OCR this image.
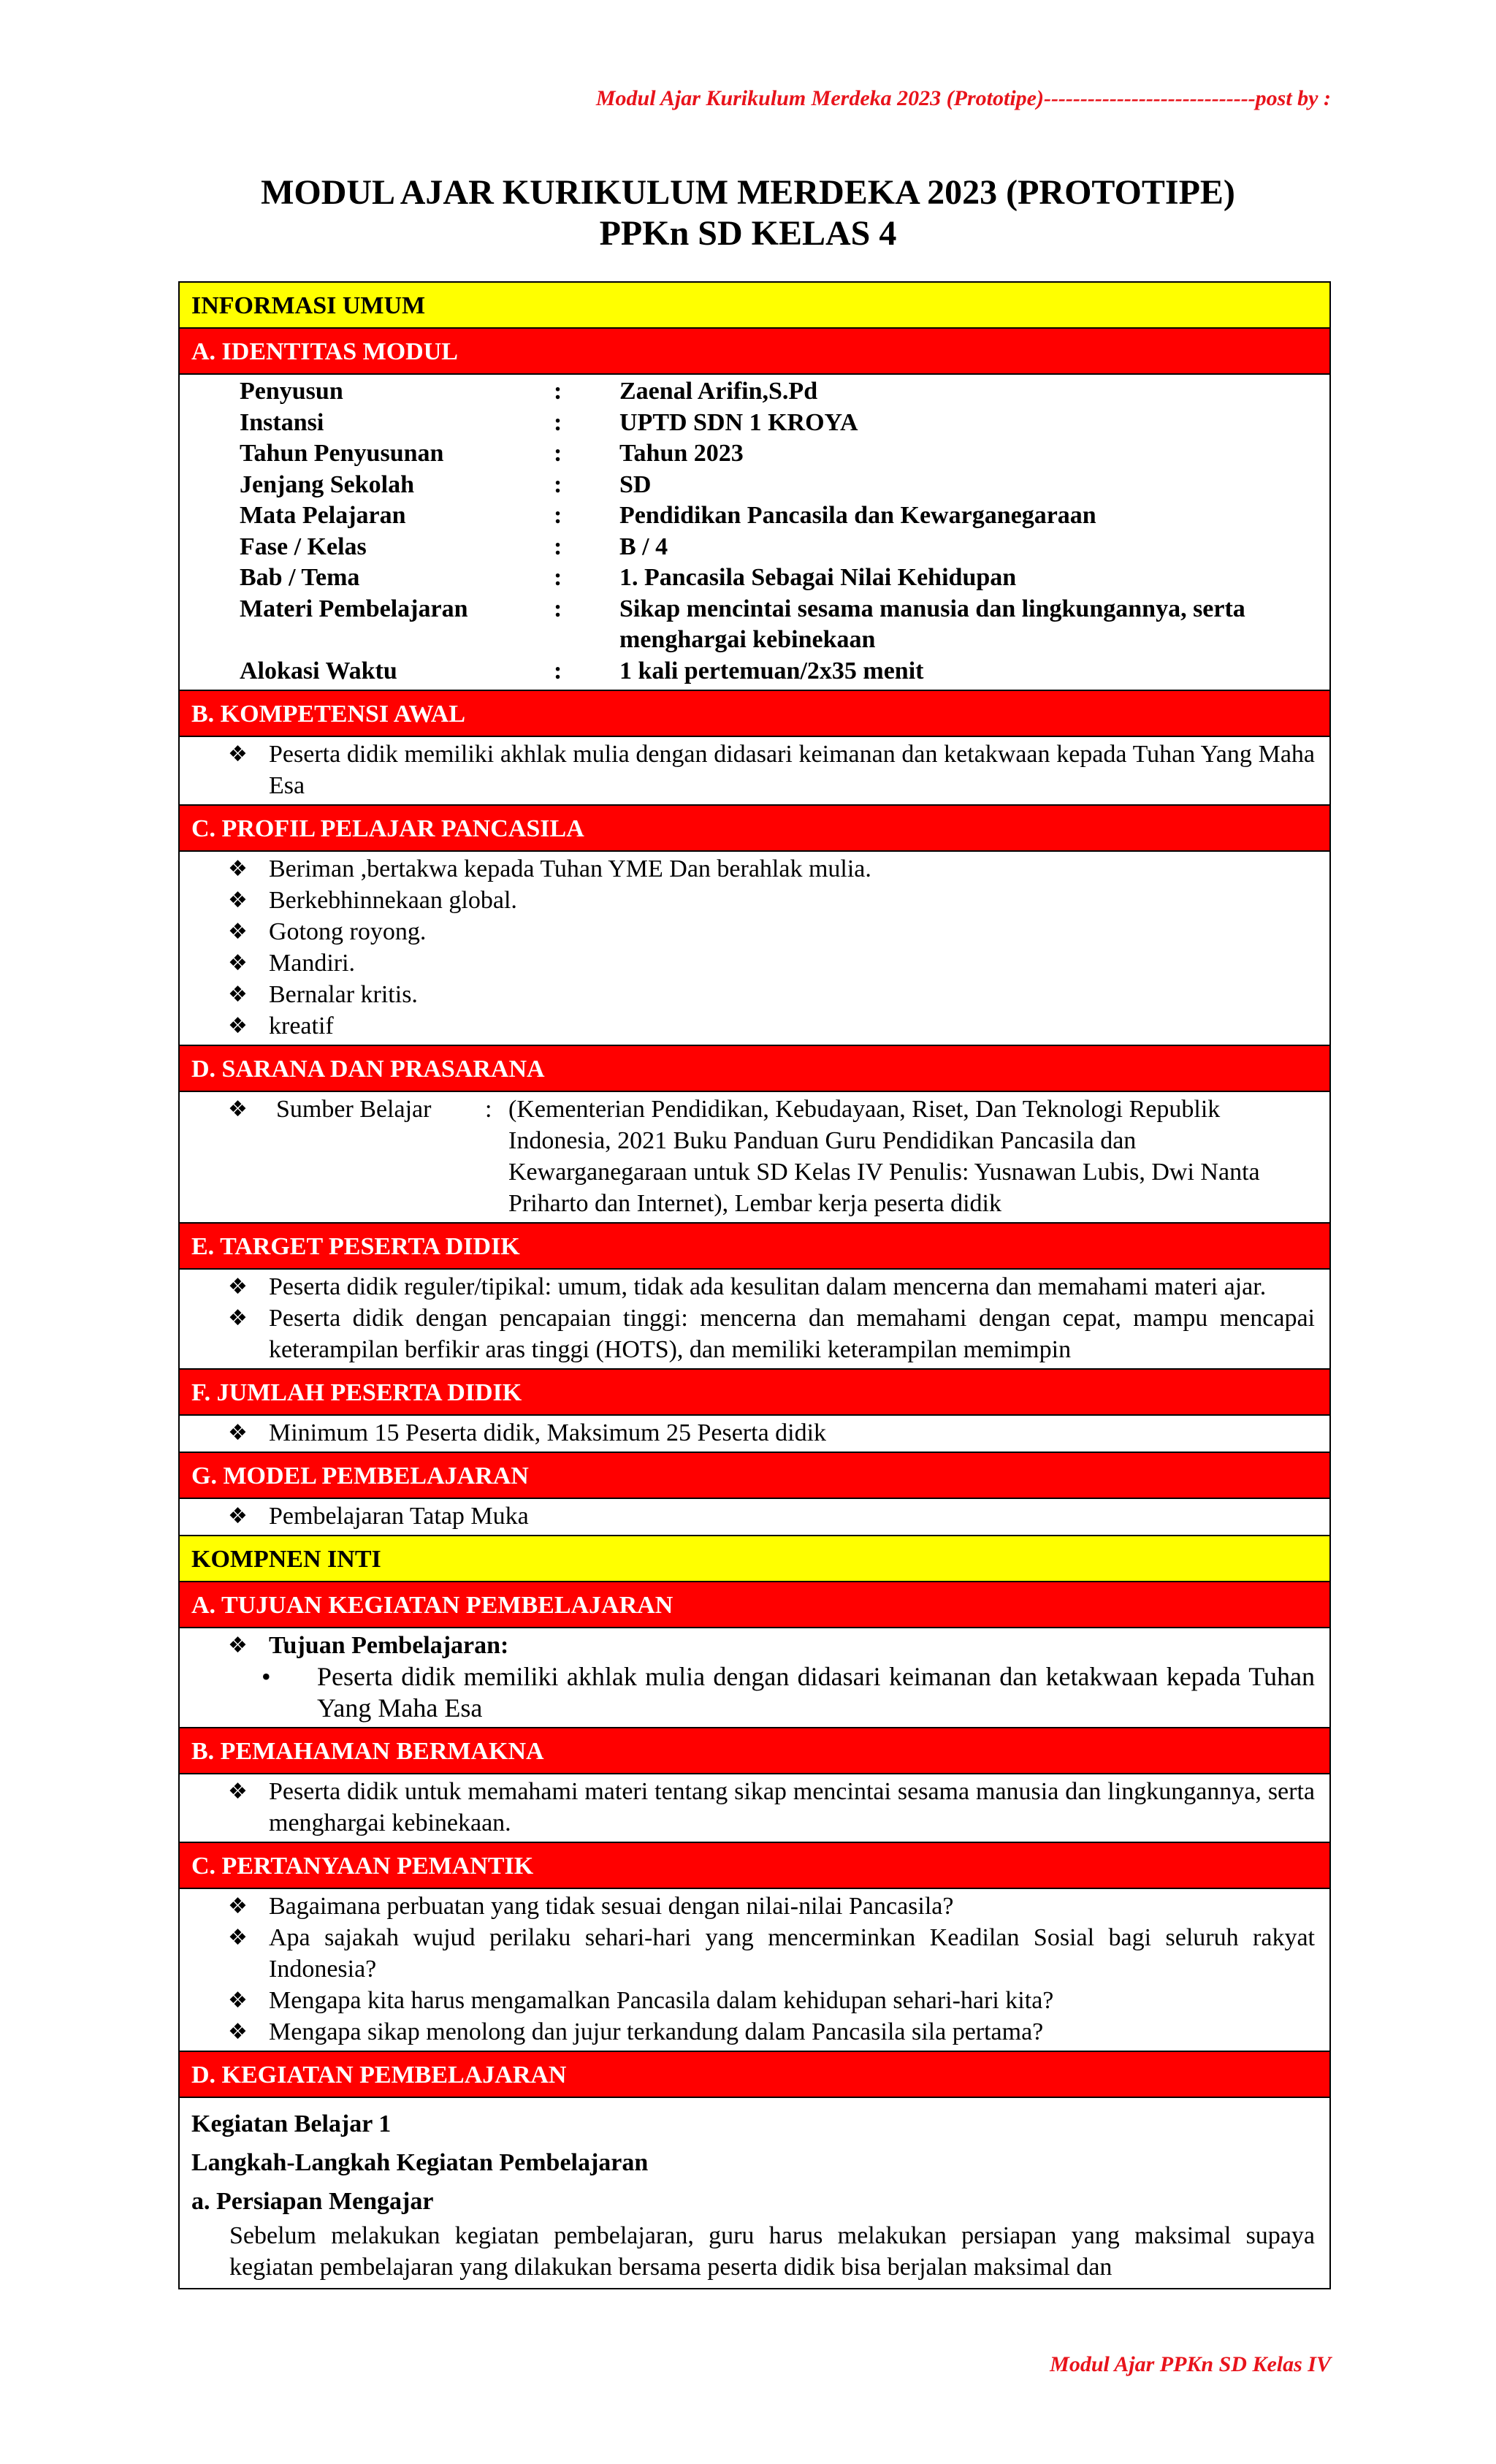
Modul Ajar Kurikulum Merdeka 2023 (Prototipe)-----------------------------post by :
MODUL AJAR KURIKULUM MERDEKA 2023 (PROTOTIPE)
PPKn SD KELAS 4
INFORMASI UMUM
A. IDENTITAS MODUL
Penyusun	:	Zaenal Arifin,S.Pd
Instansi	:	UPTD SDN 1 KROYA
Tahun Penyusunan	:	Tahun 2023
Jenjang Sekolah	:	SD
Mata Pelajaran	:	Pendidikan Pancasila dan Kewarganegaraan
Fase / Kelas	:	B / 4
Bab / Tema	:	1. Pancasila Sebagai Nilai Kehidupan
Materi Pembelajaran	:	Sikap mencintai sesama manusia dan lingkungannya, serta menghargai kebinekaan
Alokasi Waktu	:	1 kali pertemuan/2x35 menit
B. KOMPETENSI AWAL
❖ Peserta didik memiliki akhlak mulia dengan didasari keimanan dan ketakwaan kepada Tuhan Yang Maha Esa
C. PROFIL PELAJAR PANCASILA
❖ Beriman ,bertakwa kepada Tuhan YME Dan berahlak mulia.
❖ Berkebhinnekaan global.
❖ Gotong royong.
❖ Mandiri.
❖ Bernalar kritis.
❖ kreatif
D. SARANA DAN PRASARANA
❖	Sumber Belajar	: (Kementerian Pendidikan, Kebudayaan, Riset, Dan Teknologi Republik Indonesia, 2021 Buku Panduan Guru Pendidikan Pancasila dan Kewarganegaraan untuk SD Kelas IV Penulis: Yusnawan Lubis, Dwi Nanta Priharto dan Internet), Lembar kerja peserta didik
E. TARGET PESERTA DIDIK
❖ Peserta didik reguler/tipikal: umum, tidak ada kesulitan dalam mencerna dan memahami materi ajar.
❖ Peserta didik dengan pencapaian tinggi: mencerna dan memahami dengan cepat, mampu mencapai keterampilan berfikir aras tinggi (HOTS), dan memiliki keterampilan memimpin
F. JUMLAH PESERTA DIDIK
❖ Minimum 15 Peserta didik, Maksimum 25 Peserta didik
G. MODEL PEMBELAJARAN
❖ Pembelajaran Tatap Muka
KOMPNEN INTI
A. TUJUAN KEGIATAN PEMBELAJARAN
❖ Tujuan Pembelajaran:
•	Peserta didik memiliki akhlak mulia dengan didasari keimanan dan ketakwaan kepada Tuhan Yang Maha Esa
B. PEMAHAMAN BERMAKNA
❖ Peserta didik untuk memahami materi tentang sikap mencintai sesama manusia dan lingkungannya, serta menghargai kebinekaan.
C. PERTANYAAN PEMANTIK
❖ Bagaimana perbuatan yang tidak sesuai dengan nilai-nilai Pancasila?
❖ Apa sajakah wujud perilaku sehari-hari yang mencerminkan Keadilan Sosial bagi seluruh rakyat Indonesia?
❖ Mengapa kita harus mengamalkan Pancasila dalam kehidupan sehari-hari kita?
❖ Mengapa sikap menolong dan jujur terkandung dalam Pancasila sila pertama?
D. KEGIATAN PEMBELAJARAN
Kegiatan Belajar 1
Langkah-Langkah Kegiatan Pembelajaran
a. Persiapan Mengajar
Sebelum melakukan kegiatan pembelajaran, guru harus melakukan persiapan yang maksimal supaya kegiatan pembelajaran yang dilakukan bersama peserta didik bisa berjalan maksimal dan
Modul Ajar PPKn SD Kelas IV
